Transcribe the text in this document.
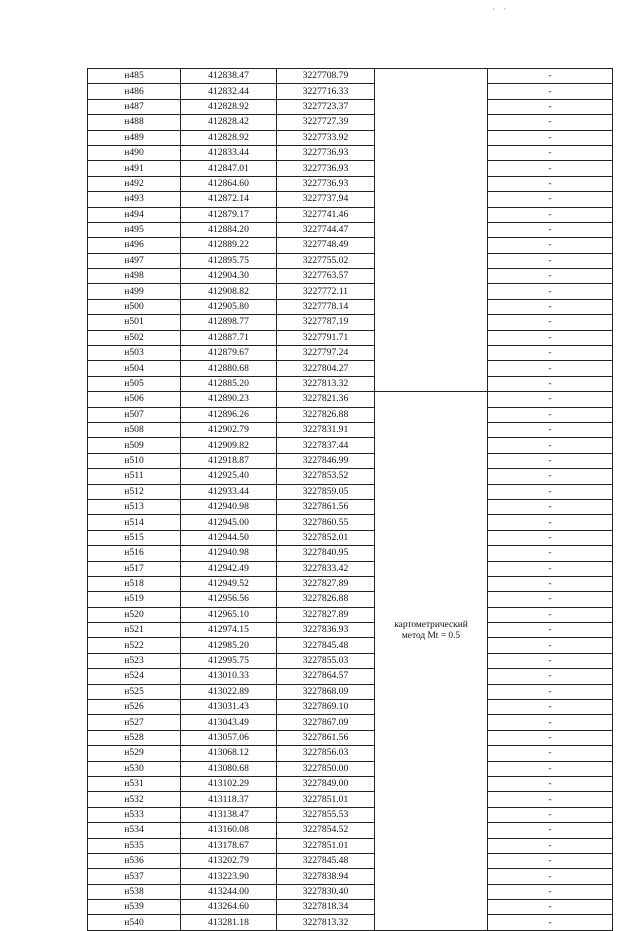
· ·
н485	412838.47	3227708.79		-
н486	412832.44	3227716.33		-
н487	412828.92	3227723.37		-
н488	412828.42	3227727.39		-
н489	412828.92	3227733.92		-
н490	412833.44	3227736.93		-
н491	412847.01	3227736.93		-
н492	412864.60	3227736.93		-
н493	412872.14	3227737.94		-
н494	412879.17	3227741.46		-
н495	412884.20	3227744.47		-
н496	412889.22	3227748.49		-
н497	412895.75	3227755.02		-
н498	412904.30	3227763.57		-
н499	412908.82	3227772.11		-
н500	412905.80	3227778.14		-
н501	412898.77	3227787.19		-
н502	412887.71	3227791.71		-
н503	412879.67	3227797.24		-
н504	412880.68	3227804.27		-
н505	412885.20	3227813.32		-
н506	412890.23	3227821.36	картометрический
метод Mt = 0.5	-
н507	412896.26	3227826.88		-
н508	412902.79	3227831.91		-
н509	412909.82	3227837.44		-
н510	412918.87	3227846.99		-
н511	412925.40	3227853.52		-
н512	412933.44	3227859.05		-
н513	412940.98	3227861.56		-
н514	412945.00	3227860.55		-
н515	412944.50	3227852.01		-
н516	412940.98	3227840.95		-
н517	412942.49	3227833.42		-
н518	412949.52	3227827.89		-
н519	412956.56	3227826.88		-
н520	412965.10	3227827.89		-
н521	412974.15	3227836.93		-
н522	412985.20	3227845.48		-
н523	412995.75	3227855.03		-
н524	413010.33	3227864.57		-
н525	413022.89	3227868.09		-
н526	413031.43	3227869.10		-
н527	413043.49	3227867.09		-
н528	413057.06	3227861.56		-
н529	413068.12	3227856.03		-
н530	413080.68	3227850.00		-
н531	413102.29	3227849.00		-
н532	413118.37	3227851.01		-
н533	413138.47	3227855.53		-
н534	413160.08	3227854.52		-
н535	413178.67	3227851.01		-
н536	413202.79	3227845.48		-
н537	413223.90	3227838.94		-
н538	413244.00	3227830.40		-
н539	413264.60	3227818.34		-
н540	413281.18	3227813.32		-
